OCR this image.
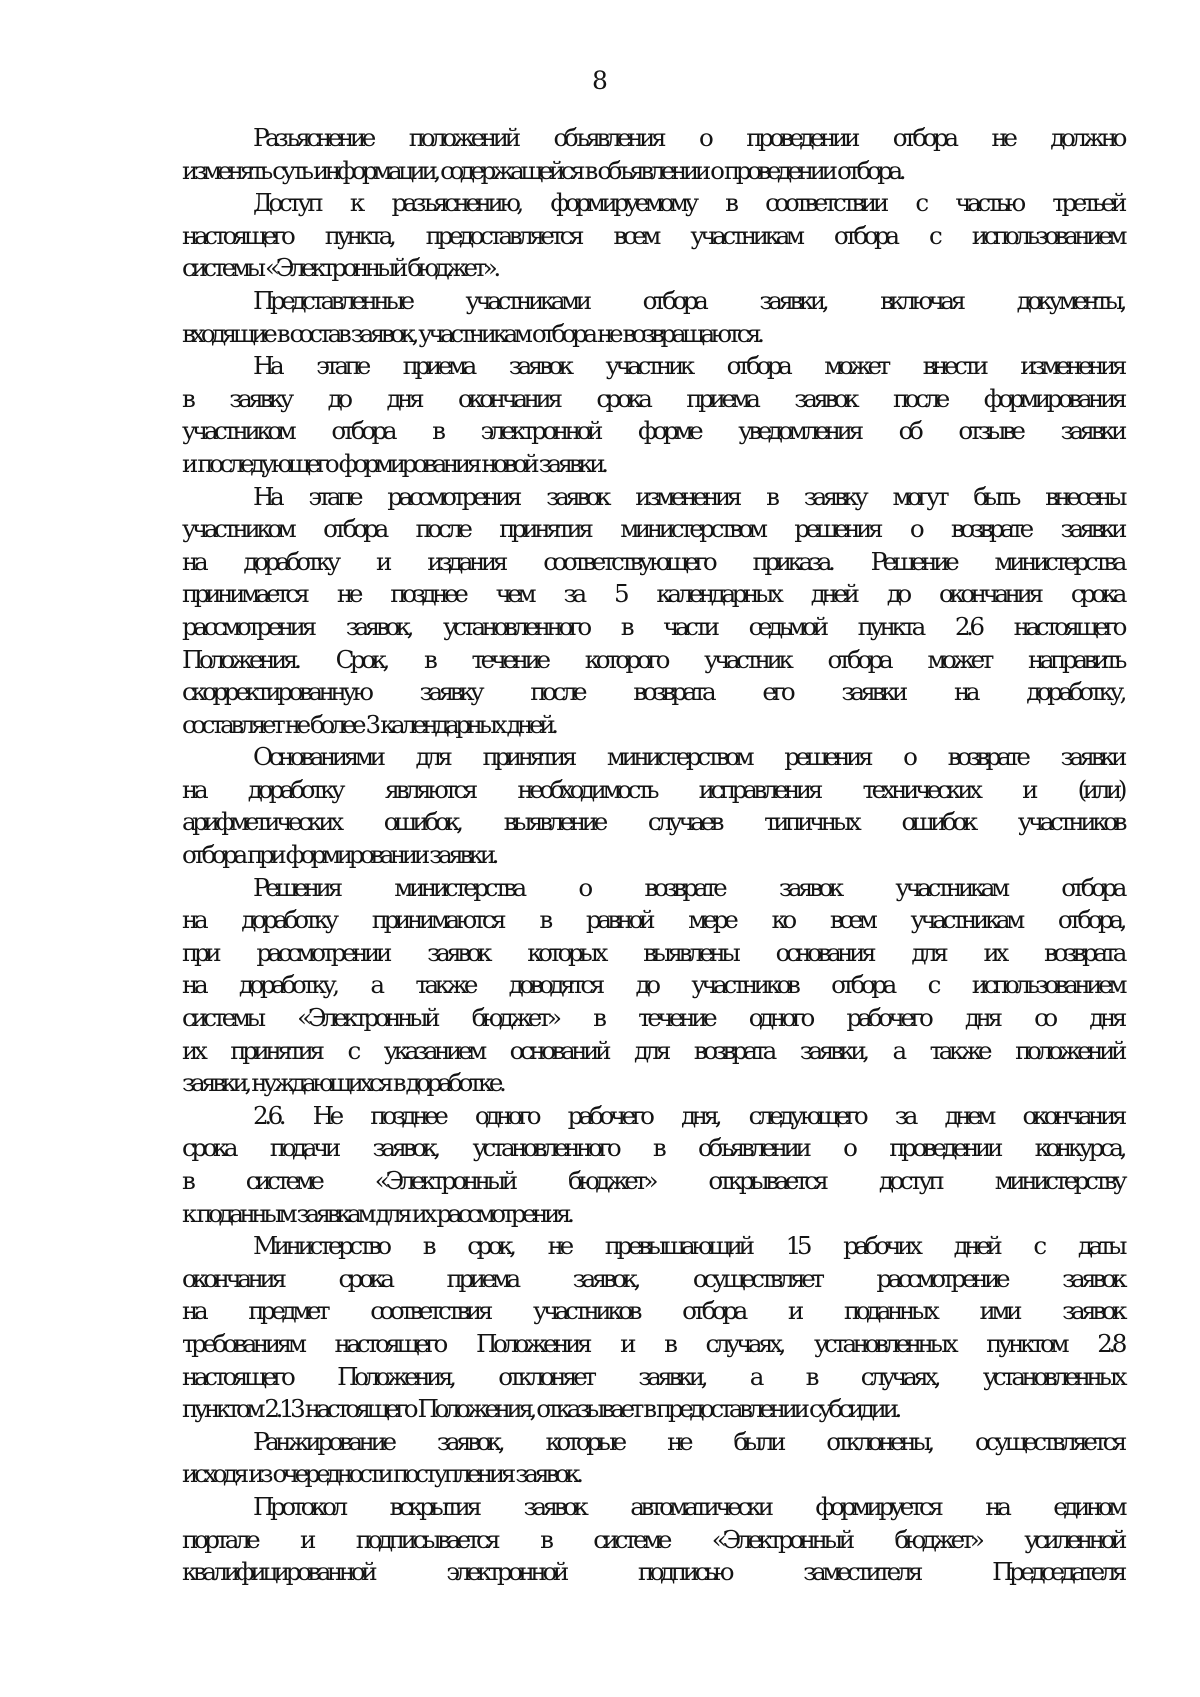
8

Разъяснение положений объявления о проведении отбора не должно
изменять суть информации, содержащейся в объявлении о проведении отбора.

Доступ к разъяснению, формируемому в соответствии с частью третьей
настоящего пункта, предоставляется всем участникам отбора с использованием
системы «Электронный бюджет».

Представленные участниками отбора заявки, включая документы,
входящие в состав заявок, участникам отбора не возвращаются.

На этапе приема заявок участник отбора может внести изменения
в заявку до дня окончания срока приема заявок после формирования
участником отбора в электронной форме уведомления об отзыве заявки
и последующего формирования новой заявки.

На этапе рассмотрения заявок изменения в заявку могут быть внесены
участником отбора после принятия министерством решения о возврате заявки
на доработку и издания соответствующего приказа. Решение министерства
принимается не позднее чем за 5 календарных дней до окончания срока
рассмотрения заявок, установленного в части седьмой пункта 2.6 настоящего
Положения. Срок, в течение которого участник отбора может направить
скорректированную заявку после возврата его заявки на доработку,
составляет не более 3 календарных дней.

Основаниями для принятия министерством решения о возврате заявки
на доработку являются необходимость исправления технических и (или)
арифметических ошибок, выявление случаев типичных ошибок участников
отбора при формировании заявки.

Решения министерства о возврате заявок участникам отбора
на доработку принимаются в равной мере ко всем участникам отбора,
при рассмотрении заявок которых выявлены основания для их возврата
на доработку, а также доводятся до участников отбора с использованием
системы «Электронный бюджет» в течение одного рабочего дня со дня
их принятия с указанием оснований для возврата заявки, а также положений
заявки, нуждающихся в доработке.

2.6. Не позднее одного рабочего дня, следующего за днем окончания
срока подачи заявок, установленного в объявлении о проведении конкурса,
в системе «Электронный бюджет» открывается доступ министерству
к поданным заявкам для их рассмотрения.

Министерство в срок, не превышающий 15 рабочих дней с даты
окончания срока приема заявок, осуществляет рассмотрение заявок
на предмет соответствия участников отбора и поданных ими заявок
требованиям настоящего Положения и в случаях, установленных пунктом 2.8
настоящего Положения, отклоняет заявки, а в случаях, установленных
пунктом 2.13 настоящего Положения, отказывает в предоставлении субсидии.

Ранжирование заявок, которые не были отклонены, осуществляется
исходя из очередности поступления заявок.

Протокол вскрытия заявок автоматически формируется на едином
портале и подписывается в системе «Электронный бюджет» усиленной
квалифицированной электронной подписью заместителя Председателя
